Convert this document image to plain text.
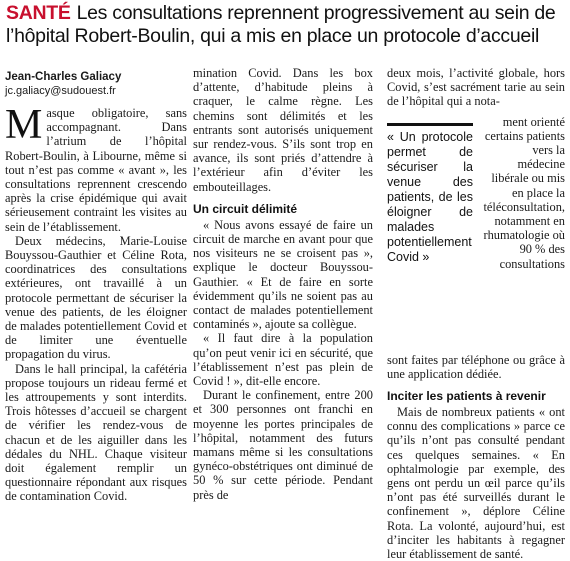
SANTÉ Les consultations reprennent progressivement au sein de l’hôpital Robert-Boulin, qui a mis en place un protocole d’accueil
Jean-Charles Galiacy
jc.galiacy@sudouest.fr

Masque obligatoire, sans accompagnant. Dans l’atrium de l’hôpital Robert-Boulin, à Libourne, même si tout n’est pas comme « avant », les consultations reprennent crescendo après la crise épidémique qui avait sérieusement contraint les visites au sein de l’établissement.

Deux médecins, Marie-Louise Bouyssou-Gauthier et Céline Rota, coordinatrices des consultations extérieures, ont travaillé à un protocole permettant de sécuriser la venue des patients, de les éloigner de malades potentiellement Covid et de limiter une éventuelle propagation du virus.

Dans le hall principal, la cafétéria propose toujours un rideau fermé et les attroupements y sont interdits. Trois hôtesses d’accueil se chargent de vérifier les rendez-vous de chacun et de les aiguiller dans les dédales du NHL. Chaque visiteur doit également remplir un questionnaire répondant aux risques de contamination Covid.

mination Covid. Dans les box d’attente, d’habitude pleins à craquer, le calme règne. Les chemins sont délimités et les entrants sont autorisés uniquement sur rendez-vous. S’ils sont trop en avance, ils sont priés d’attendre à l’extérieur afin d’éviter les embouteillages.

Un circuit délimité

« Nous avons essayé de faire un circuit de marche en avant pour que nos visiteurs ne se croisent pas », explique le docteur Bouyssou-Gauthier. « Et de faire en sorte évidemment qu’ils ne soient pas au contact de malades potentiellement contaminés », ajoute sa collègue.

« Il faut dire à la population qu’on peut venir ici en sécurité, que l’établissement n’est pas plein de Covid ! », dit-elle encore.

Durant le confinement, entre 200 et 300 personnes ont franchi en moyenne les portes principales de l’hôpital, notamment des futurs mamans même si les consultations gynéco-obstétriques ont diminué de 50 % sur cette période. Pendant près de

deux mois, l’activité globale, hors Covid, s’est sacrément tarie au sein de l’hôpital qui a nota-

« Un protocole permet de sécuriser la venue des patients, de les éloigner de malades potentiellement Covid »
ment orienté certains patients vers la médecine libérale ou mis en place la téléconsultation, notamment en rhumatologie où 90 % des consultations

sont faites par téléphone ou grâce à une application dédiée.

Inciter les patients à revenir

Mais de nombreux patients « ont connu des complications » parce ce qu’ils n’ont pas consulté pendant ces quelques semaines. « En ophtalmologie par exemple, des gens ont perdu un œil parce qu’ils n’ont pas été surveillés durant le confinement », déplore Céline Rota. La volonté, aujourd’hui, est d’inciter les habitants à regagner leur établissement de santé.
